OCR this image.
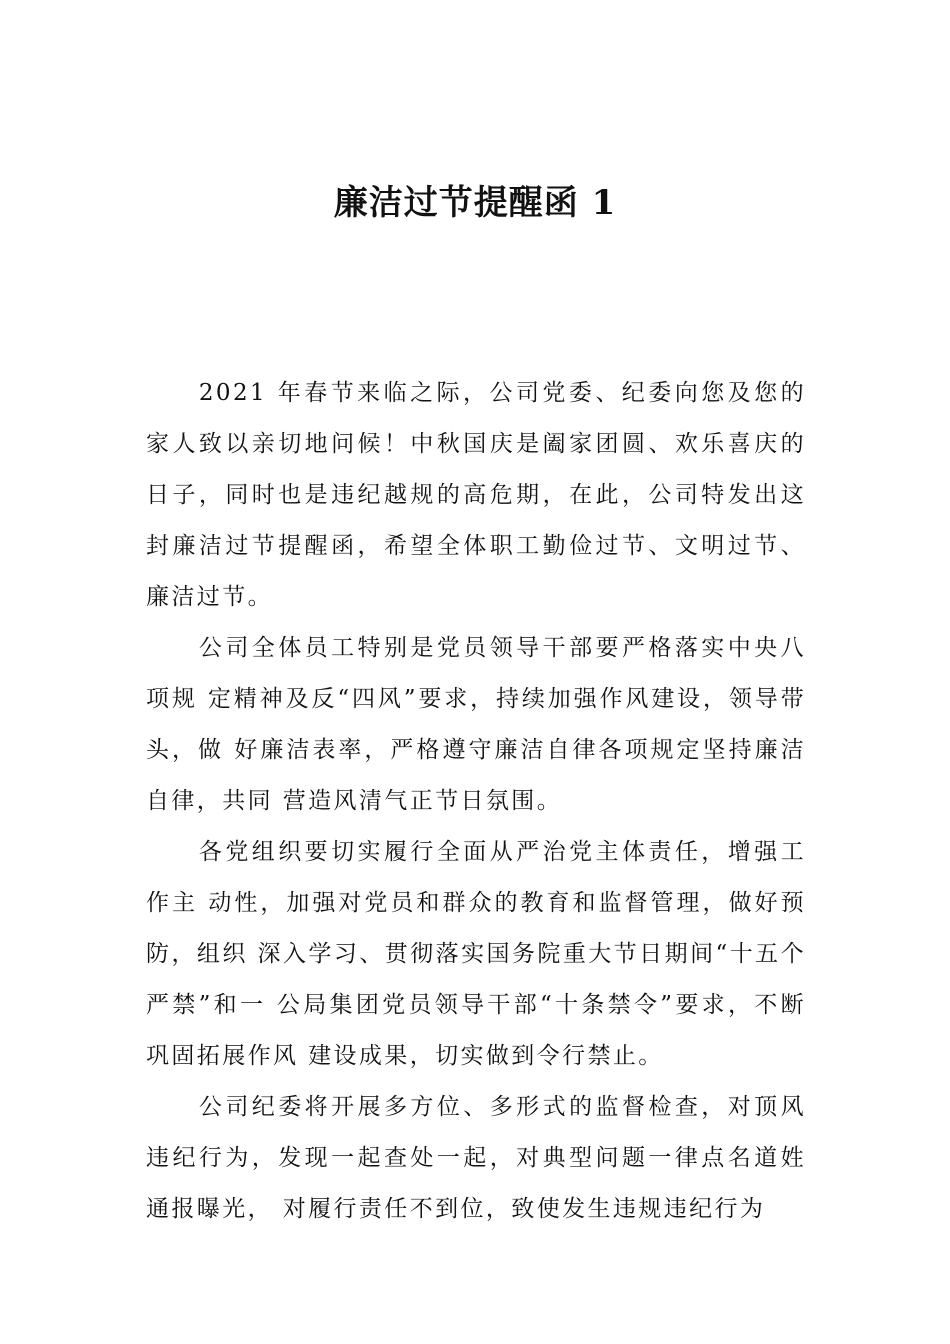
廉洁过节提醒函 1

2021 年春节来临之际，公司党委、纪委向您及您的家人致以亲切地问候！中秋国庆是阖家团圆、欢乐喜庆的日子，同时也是违纪越规的高危期，在此，公司特发出这封廉洁过节提醒函，希望全体职工勤俭过节、文明过节、廉洁过节。

公司全体员工特别是党员领导干部要严格落实中央八项规 定精神及反“四风”要求，持续加强作风建设，领导带头，做 好廉洁表率，严格遵守廉洁自律各项规定坚持廉洁自律，共同 营造风清气正节日氛围。

各党组织要切实履行全面从严治党主体责任，增强工作主 动性，加强对党员和群众的教育和监督管理，做好预防，组织 深入学习、贯彻落实国务院重大节日期间“十五个严禁”和一 公局集团党员领导干部“十条禁令”要求，不断巩固拓展作风 建设成果，切实做到令行禁止。

公司纪委将开展多方位、多形式的监督检查，对顶风违纪行为，发现一起查处一起，对典型问题一律点名道姓通报曝光， 对履行责任不到位，致使发生违规违纪行为
